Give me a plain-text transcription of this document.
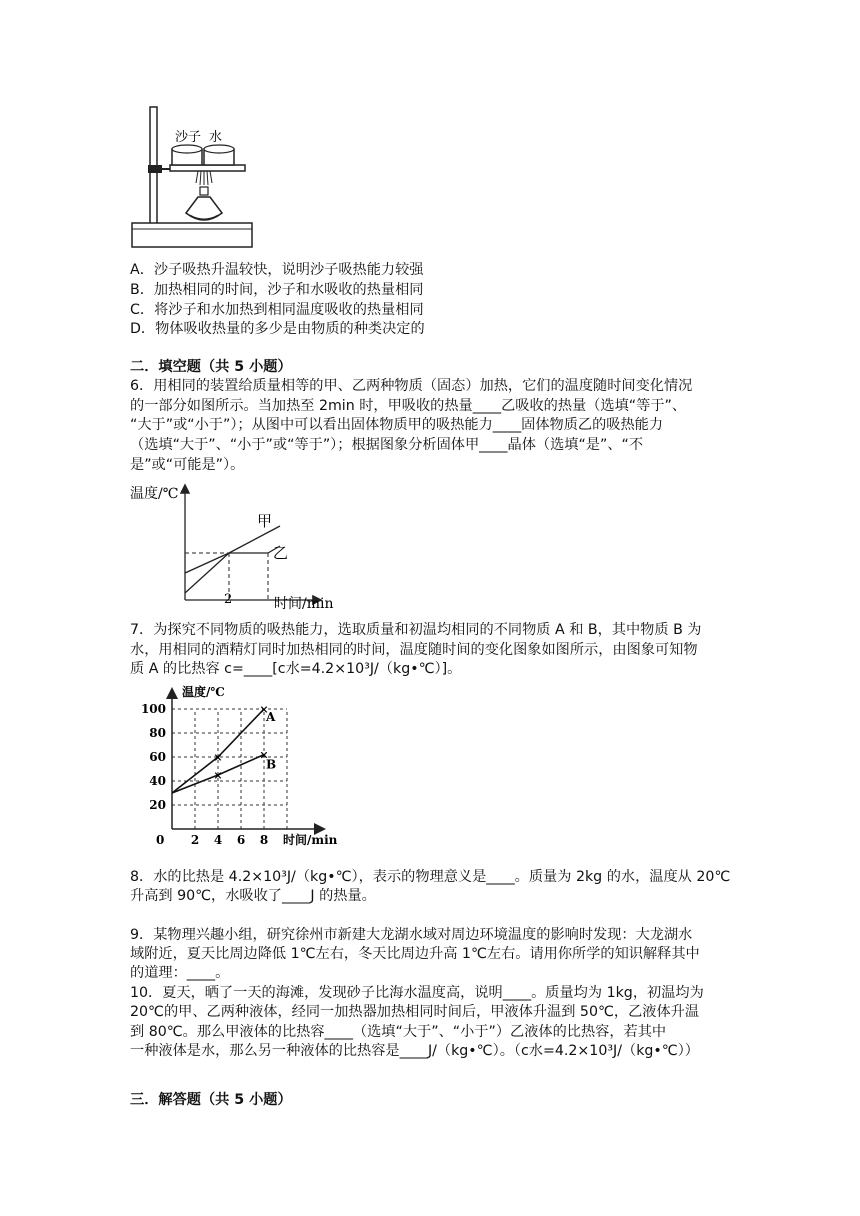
沙子 水
A．沙子吸热升温较快，说明沙子吸热能力较强
B．加热相同的时间，沙子和水吸收的热量相同
C．将沙子和水加热到相同温度吸收的热量相同
D．物体吸收热量的多少是由物质的种类决定的
二．填空题（共 5 小题）
6．用相同的装置给质量相等的甲、乙两种物质（固态）加热，它们的温度随时间变化情况
的一部分如图所示。当加热至 2min 时，甲吸收的热量____乙吸收的热量（选填“等于”、
“大于”或“小于”）；从图中可以看出固体物质甲的吸热能力____固体物质乙的吸热能力
（选填“大于”、“小于”或“等于”）；根据图象分析固体甲____晶体（选填“是”、“不
是”或“可能是”）。
温度/℃
时间/min
2
甲
乙
7．为探究不同物质的吸热能力，选取质量和初温均相同的不同物质 A 和 B，其中物质 B 为
水，用相同的酒精灯同时加热相同的时间，温度随时间的变化图象如图所示，由图象可知物
质 A 的比热容 c=____[c水=4.2×10³J/（kg•℃）]。
×
×
A
×
×
B
20
40
60
80
100
0 2 4 6 8
温度/℃
时间/min
8．水的比热是 4.2×10³J/（kg•℃），表示的物理意义是____。质量为 2kg 的水，温度从 20℃
升高到 90℃，水吸收了____J 的热量。
9．某物理兴趣小组，研究徐州市新建大龙湖水域对周边环境温度的影响时发现：大龙湖水
域附近，夏天比周边降低 1℃左右，冬天比周边升高 1℃左右。请用你所学的知识解释其中
的道理：____。
10．夏天，晒了一天的海滩，发现砂子比海水温度高，说明____。质量均为 1kg，初温均为
20℃的甲、乙两种液体，经同一加热器加热相同时间后，甲液体升温到 50℃，乙液体升温
到 80℃。那么甲液体的比热容____（选填“大于”、“小于”）乙液体的比热容，若其中
一种液体是水，那么另一种液体的比热容是____J/（kg•℃）。（c水=4.2×10³J/（kg•℃））
三．解答题（共 5 小题）
